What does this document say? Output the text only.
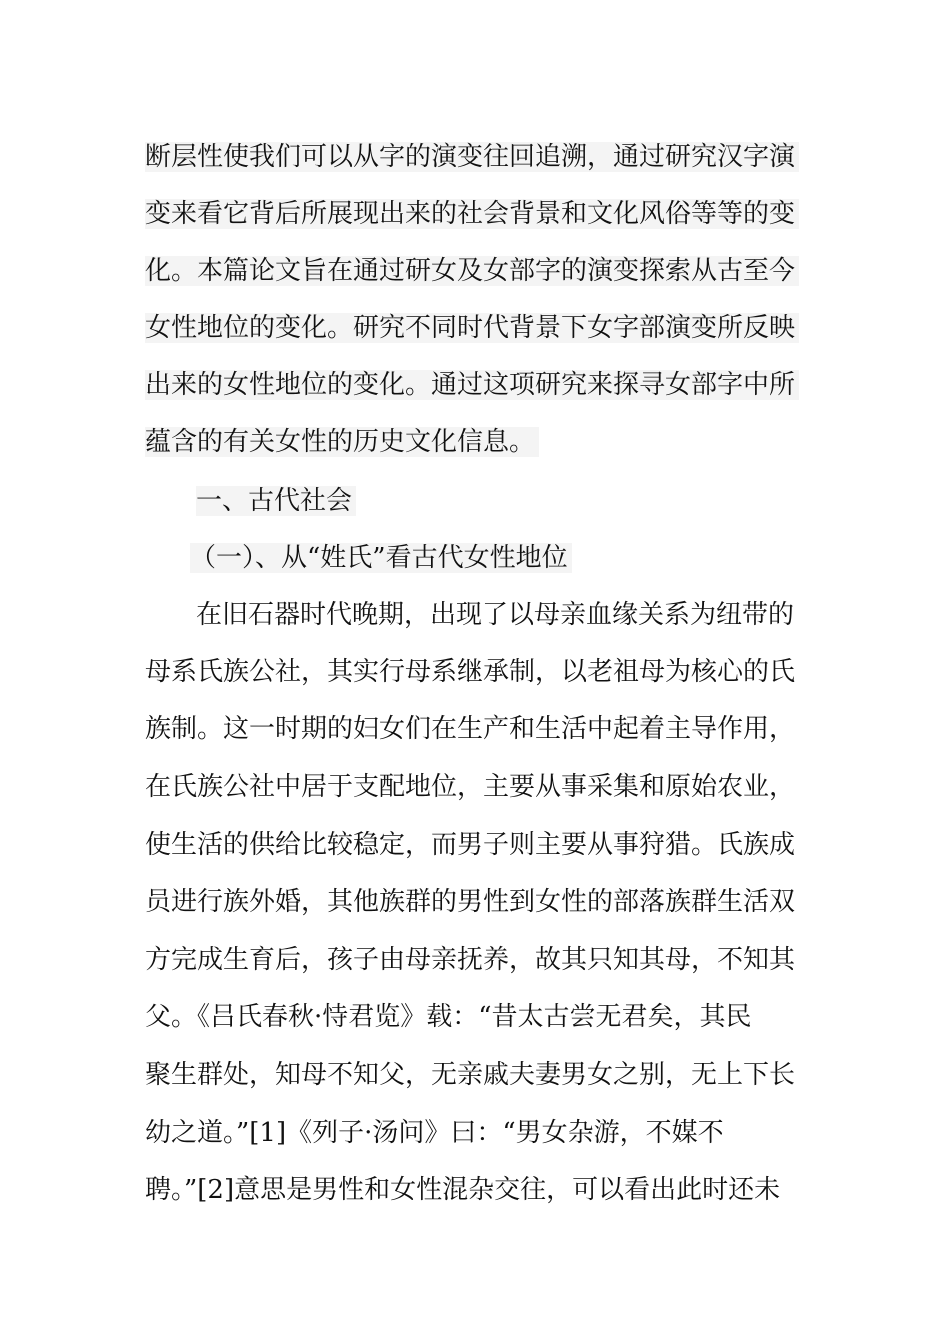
断层性使我们可以从字的演变往回追溯，通过研究汉字演
变来看它背后所展现出来的社会背景和文化风俗等等的变
化。本篇论文旨在通过研女及女部字的演变探索从古至今
女性地位的变化。研究不同时代背景下女字部演变所反映
出来的女性地位的变化。通过这项研究来探寻女部字中所
蕴含的有关女性的历史文化信息。
一、古代社会
（一）、从“姓氏”看古代女性地位
在旧石器时代晚期，出现了以母亲血缘关系为纽带的
母系氏族公社，其实行母系继承制，以老祖母为核心的氏
族制。这一时期的妇女们在生产和生活中起着主导作用，
在氏族公社中居于支配地位，主要从事采集和原始农业，
使生活的供给比较稳定，而男子则主要从事狩猎。氏族成
员进行族外婚，其他族群的男性到女性的部落族群生活双
方完成生育后，孩子由母亲抚养，故其只知其母，不知其
父。《吕氏春秋·恃君览》载：“昔太古尝无君矣，其民
聚生群处，知母不知父，无亲戚夫妻男女之别，无上下长
幼之道。”[1]《列子·汤问》曰：“男女杂游，不媒不
聘。”[2]意思是男性和女性混杂交往，可以看出此时还未
